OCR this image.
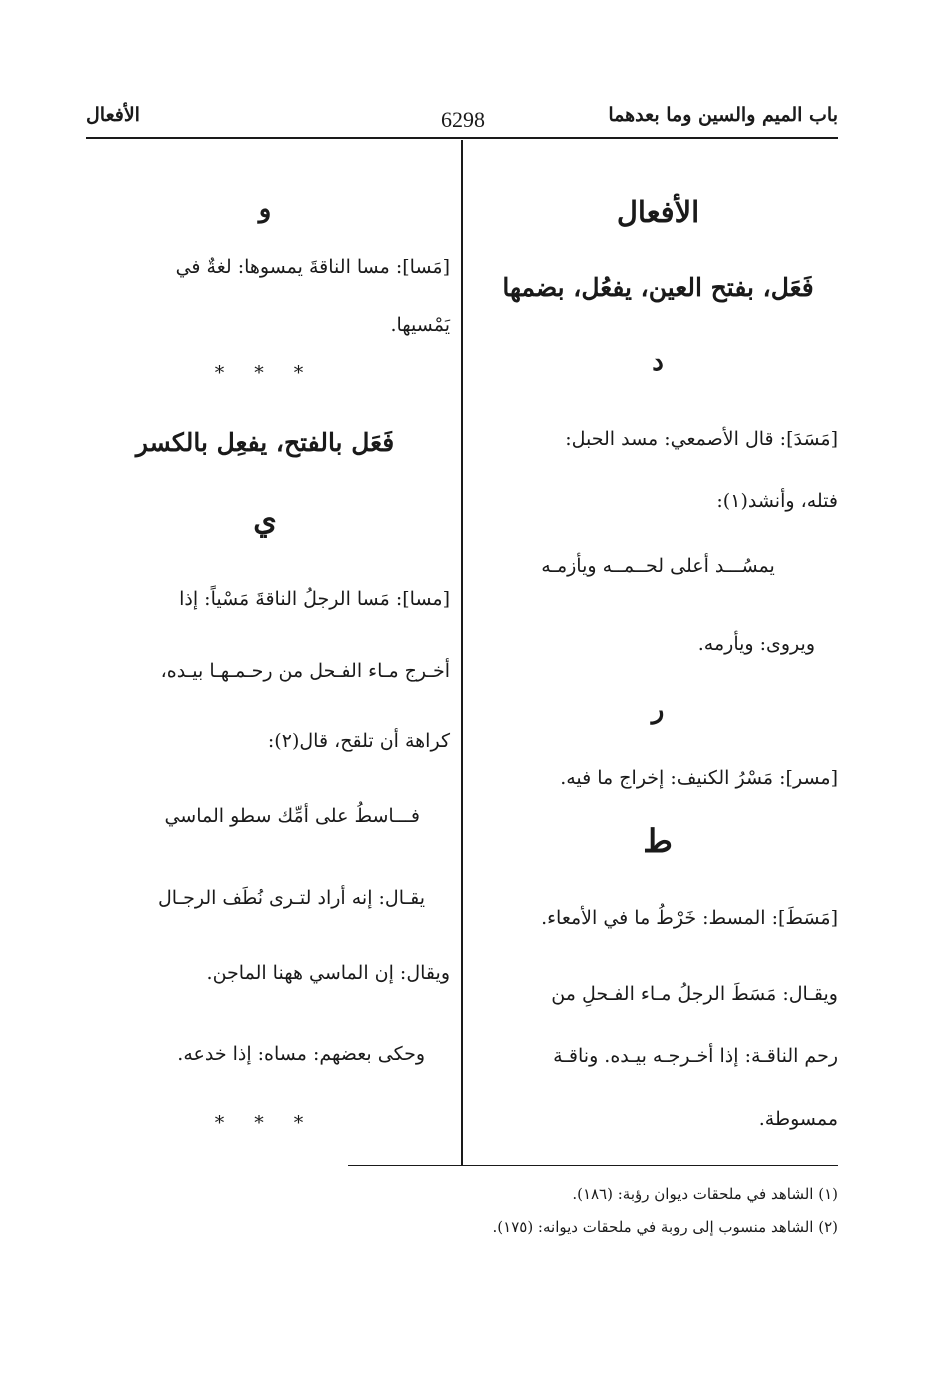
باب الميم والسين وما بعدهما
6298
الأفعال
الأفعال
فَعَل، بفتح العين، يفعُل، بضمها
د
[مَسَدَ]: قال الأصمعي: مسد الحبل:
فتله، وأنشد(١):
يمسُـــد أعلى لحــمــه ويأزمـه
ويروى: ويأرمه.
ر
[مسر]: مَسْرُ الكنيف: إخراج ما فيه.
ط
[مَسَطَ]: المسط: خَرْطُ ما في الأمعاء.
ويقـال: مَسَطَ الرجلُ مـاء الفـحلِ من
رحم الناقـة: إذا أخـرجـه بيـده. وناقـة
ممسوطة.
و
[مَسا]: مسا الناقةَ يمسوها: لغةٌ في
يَمْسيها.
* * *
فَعَل بالفتح، يفعِل بالكسر
ي
[مسا]: مَسا الرجلُ الناقةَ مَسْياً: إذا
أخـرج مـاء الفـحل من رحـمـهـا بيـده،
كراهة أن تلقح، قال(٢):
فـــاسطُ على أمِّك سطو الماسي
يقـال: إنه أراد لتـرى نُطَف الرجـال
ويقال: إن الماسي ههنا الماجن.
وحكى بعضهم: مساه: إذا خدعه.
* * *
(١) الشاهد في ملحقات ديوان رؤبة: (١٨٦).
(٢) الشاهد منسوب إلى روبة في ملحقات ديوانه: (١٧٥).
